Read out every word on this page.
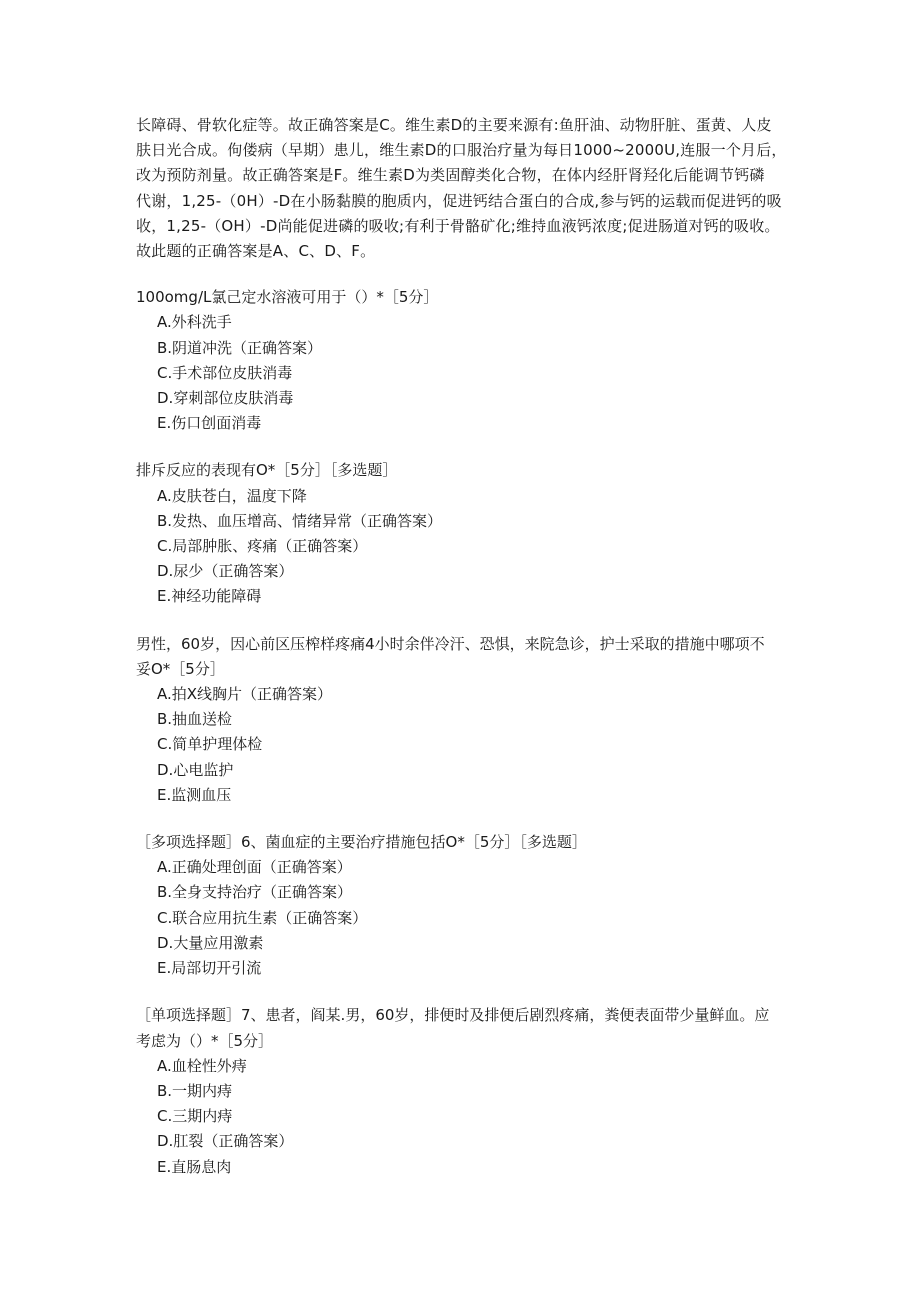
长障碍、骨软化症等。故正确答案是C。维生素D的主要来源有:鱼肝油、动物肝脏、蛋黄、人皮

肤日光合成。佝偻病（早期）患儿，维生素D的口服治疗量为每日1000~2000U,连服一个月后，

改为预防剂量。故正确答案是F。维生素D为类固醇类化合物，在体内经肝肾羟化后能调节钙磷

代谢，1,25-（0H）-D在小肠黏膜的胞质内，促进钙结合蛋白的合成,参与钙的运载而促进钙的吸

收，1,25-（OH）-D尚能促进磷的吸收;有利于骨骼矿化;维持血液钙浓度;促进肠道对钙的吸收。

故此题的正确答案是A、C、D、F。

100omg/L氯己定水溶液可用于（）*［5分］

A.外科洗手
B.阴道冲洗（正确答案）
C.手术部位皮肤消毒
D.穿刺部位皮肤消毒
E.伤口创面消毒

排斥反应的表现有O*［5分］［多选题］

A.皮肤苍白，温度下降
B.发热、血压增高、情绪异常（正确答案）
C.局部肿胀、疼痛（正确答案）
D.尿少（正确答案）
E.神经功能障碍

男性，60岁，因心前区压榨样疼痛4小时余伴冷汗、恐惧，来院急诊，护士采取的措施中哪项不

妥O*［5分］

A.拍X线胸片（正确答案）
B.抽血送检
C.简单护理体检
D.心电监护
E.监测血压

［多项选择题］6、菌血症的主要治疗措施包括O*［5分］［多选题］

A.正确处理创面（正确答案）
B.全身支持治疗（正确答案）
C.联合应用抗生素（正确答案）
D.大量应用激素
E.局部切开引流

［单项选择题］7、患者，阎某.男，60岁，排便时及排便后剧烈疼痛，粪便表面带少量鲜血。应

考虑为（）*［5分］

A.血栓性外痔
B.一期内痔
C.三期内痔
D.肛裂（正确答案）
E.直肠息肉
